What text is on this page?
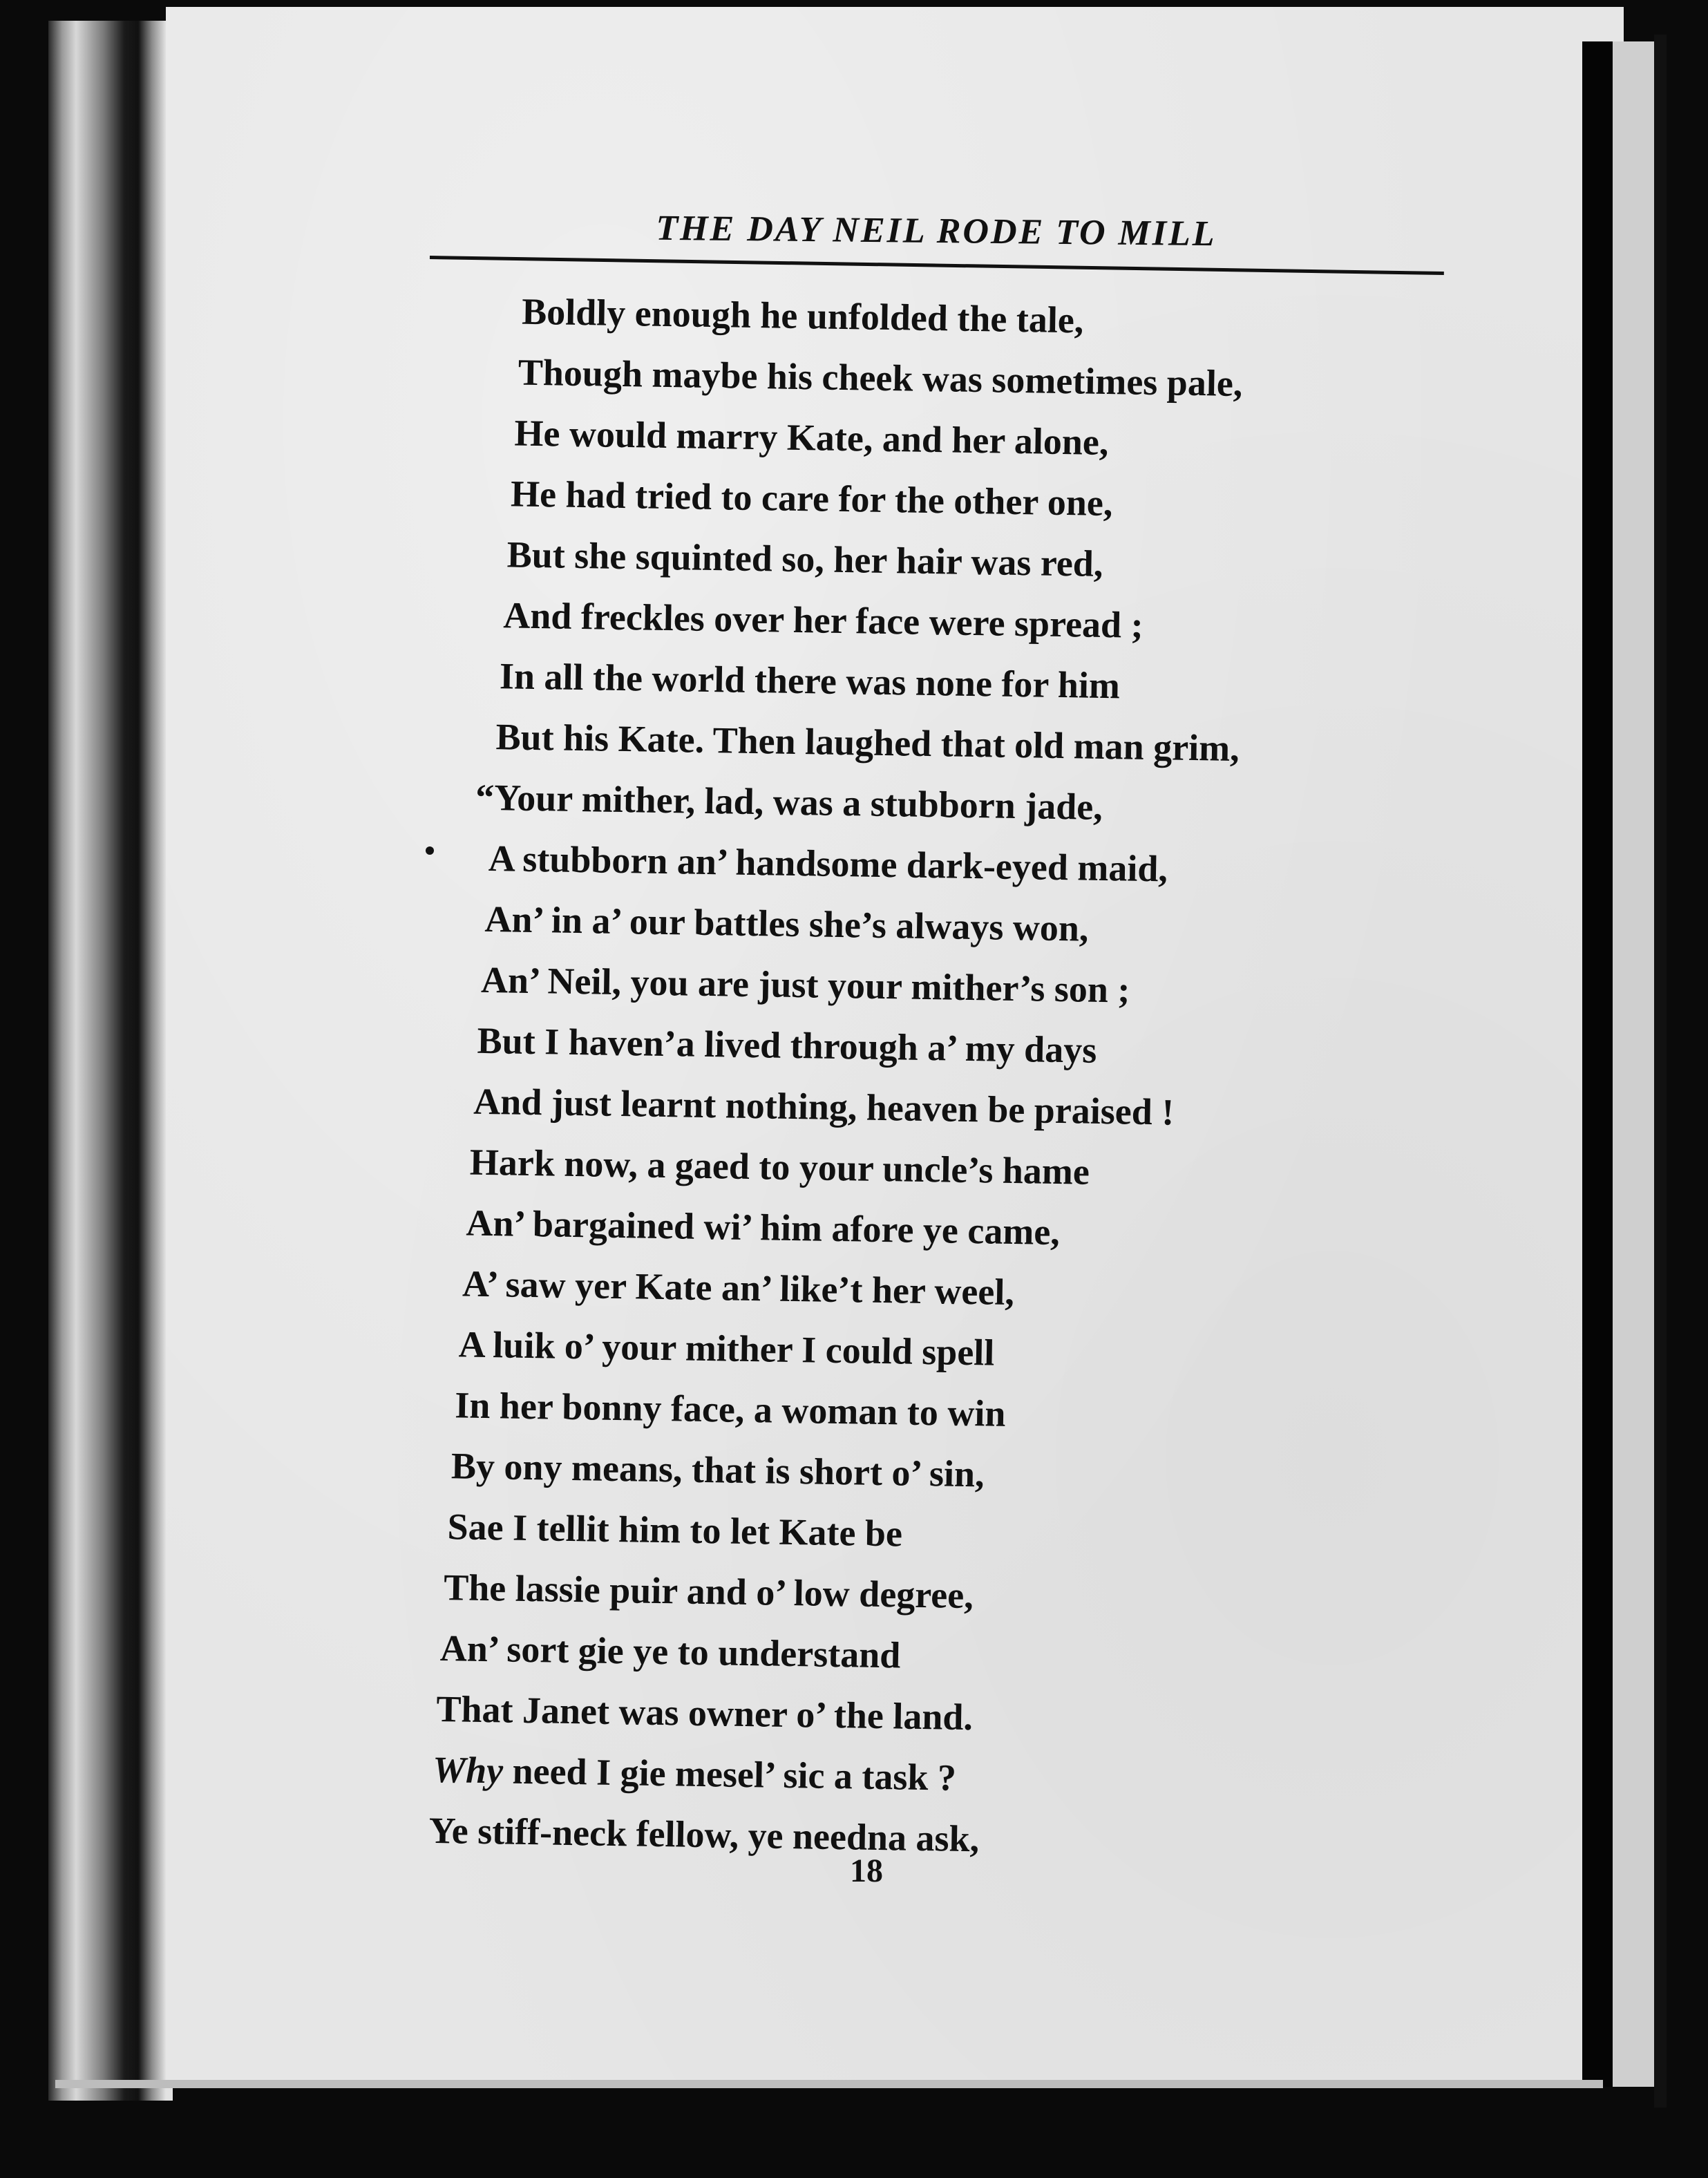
THE DAY NEIL RODE TO MILL
Boldly enough he unfolded the tale,
Though maybe his cheek was sometimes pale,
He would marry Kate, and her alone,
He had tried to care for the other one,
But she squinted so, her hair was red,
And freckles over her face were spread ;
In all the world there was none for him
But his Kate. Then laughed that old man grim,
“Your mither, lad, was a stubborn jade,
A stubborn an’ handsome dark-eyed maid,
An’ in a’ our battles she’s always won,
An’ Neil, you are just your mither’s son ;
But I haven’a lived through a’ my days
And just learnt nothing, heaven be praised !
Hark now, a gaed to your uncle’s hame
An’ bargained wi’ him afore ye came,
A’ saw yer Kate an’ like’t her weel,
A luik o’ your mither I could spell
In her bonny face, a woman to win
By ony means, that is short o’ sin,
Sae I tellit him to let Kate be
The lassie puir and o’ low degree,
An’ sort gie ye to understand
That Janet was owner o’ the land.
Why need I gie mesel’ sic a task ?
Ye stiff-neck fellow, ye needna ask,
18
